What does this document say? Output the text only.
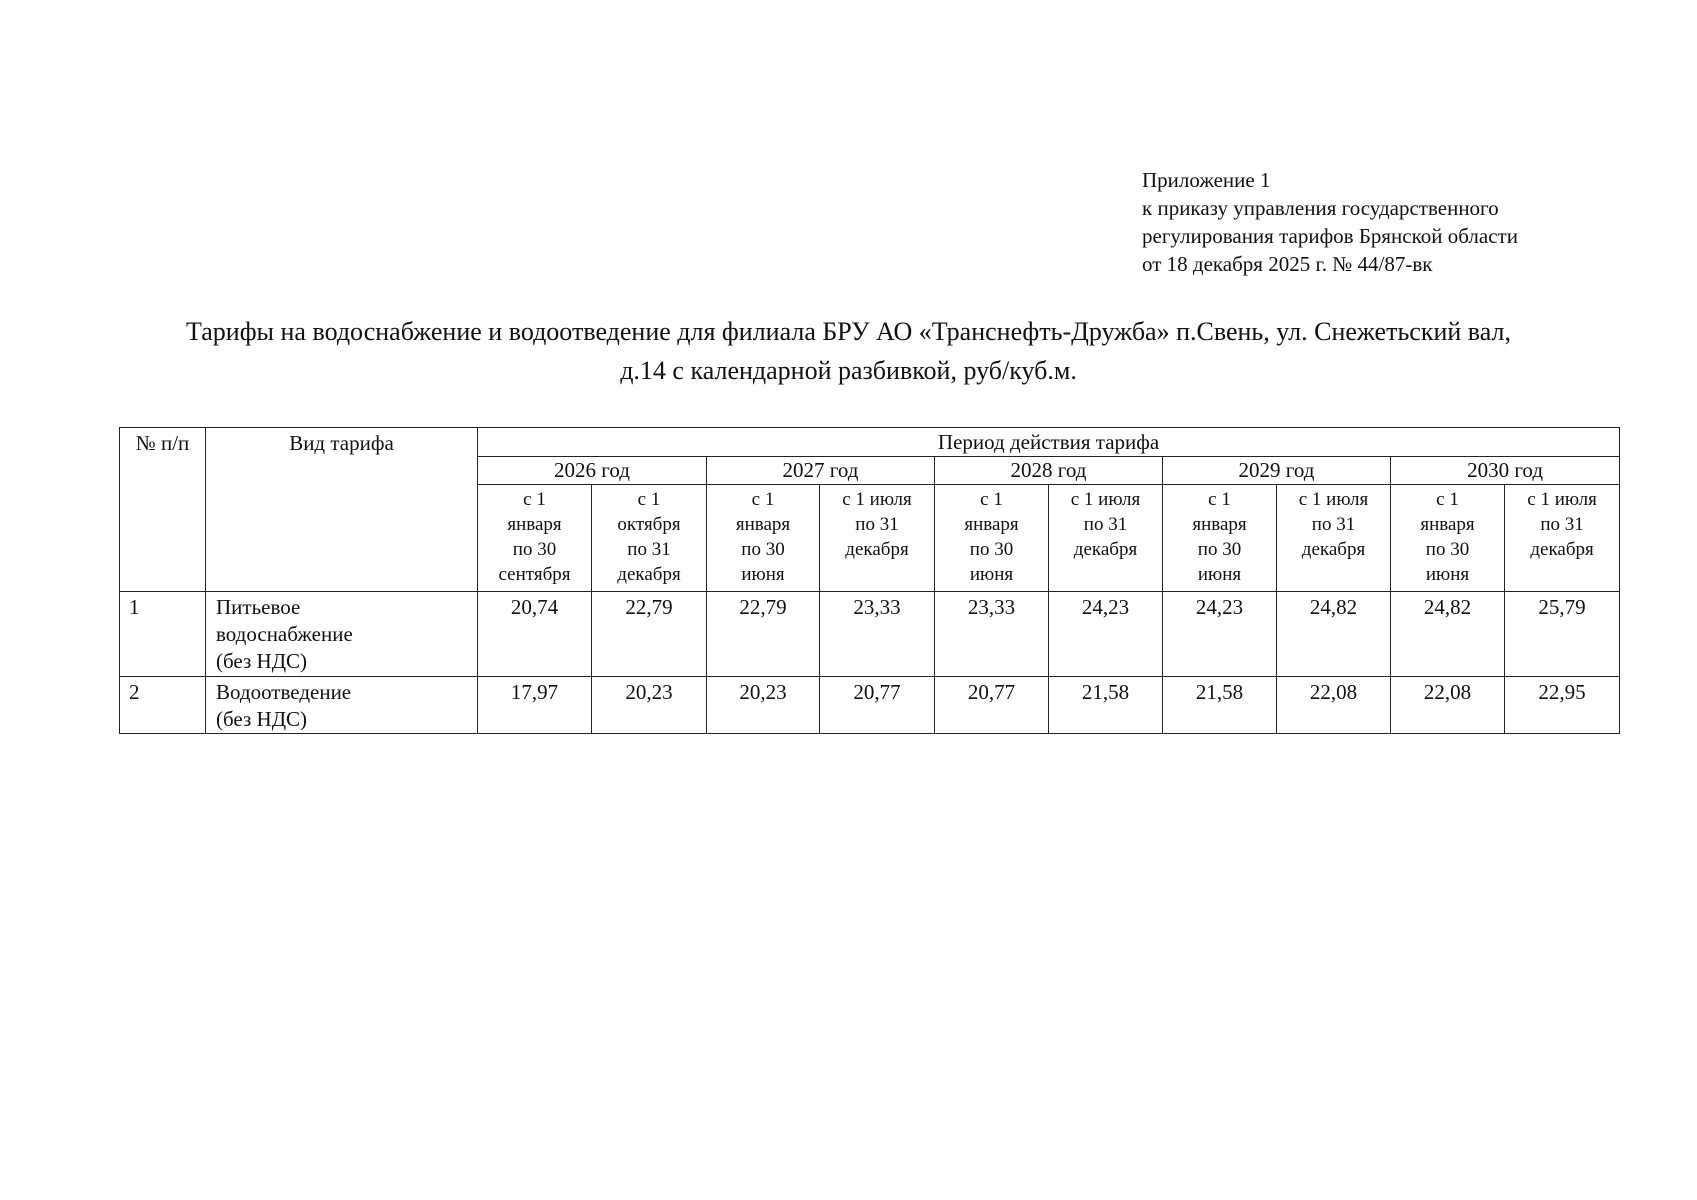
Приложение 1
к приказу управления государственного
регулирования тарифов Брянской области
от 18 декабря 2025 г. № 44/87-вк
Тарифы на водоснабжение и водоотведение для филиала БРУ АО «Транснефть-Дружба» п.Свень, ул. Снежетьский вал,
д.14 с календарной разбивкой, руб/куб.м.
№ п/п	Вид тарифа	Период действия тарифа									
		2026 год		2027 год		2028 год		2029 год		2030 год	

		с 1
января
по 30
сентября	с 1
октября
по 31
декабря	с 1
января
по 30
июня	с 1 июля
по 31
декабря	с 1
января
по 30
июня	с 1 июля
по 31
декабря	с 1
января
по 30
июня	с 1 июля
по 31
декабря	с 1
января
по 30
июня	с 1 июля
по 31
декабря

1	Питьевое
водоснабжение
(без НДС)	20,74	22,79	22,79	23,33	23,33	24,23	24,23	24,82	24,82	25,79
2	Водоотведение
(без НДС)	17,97	20,23	20,23	20,77	20,77	21,58	21,58	22,08	22,08	22,95
